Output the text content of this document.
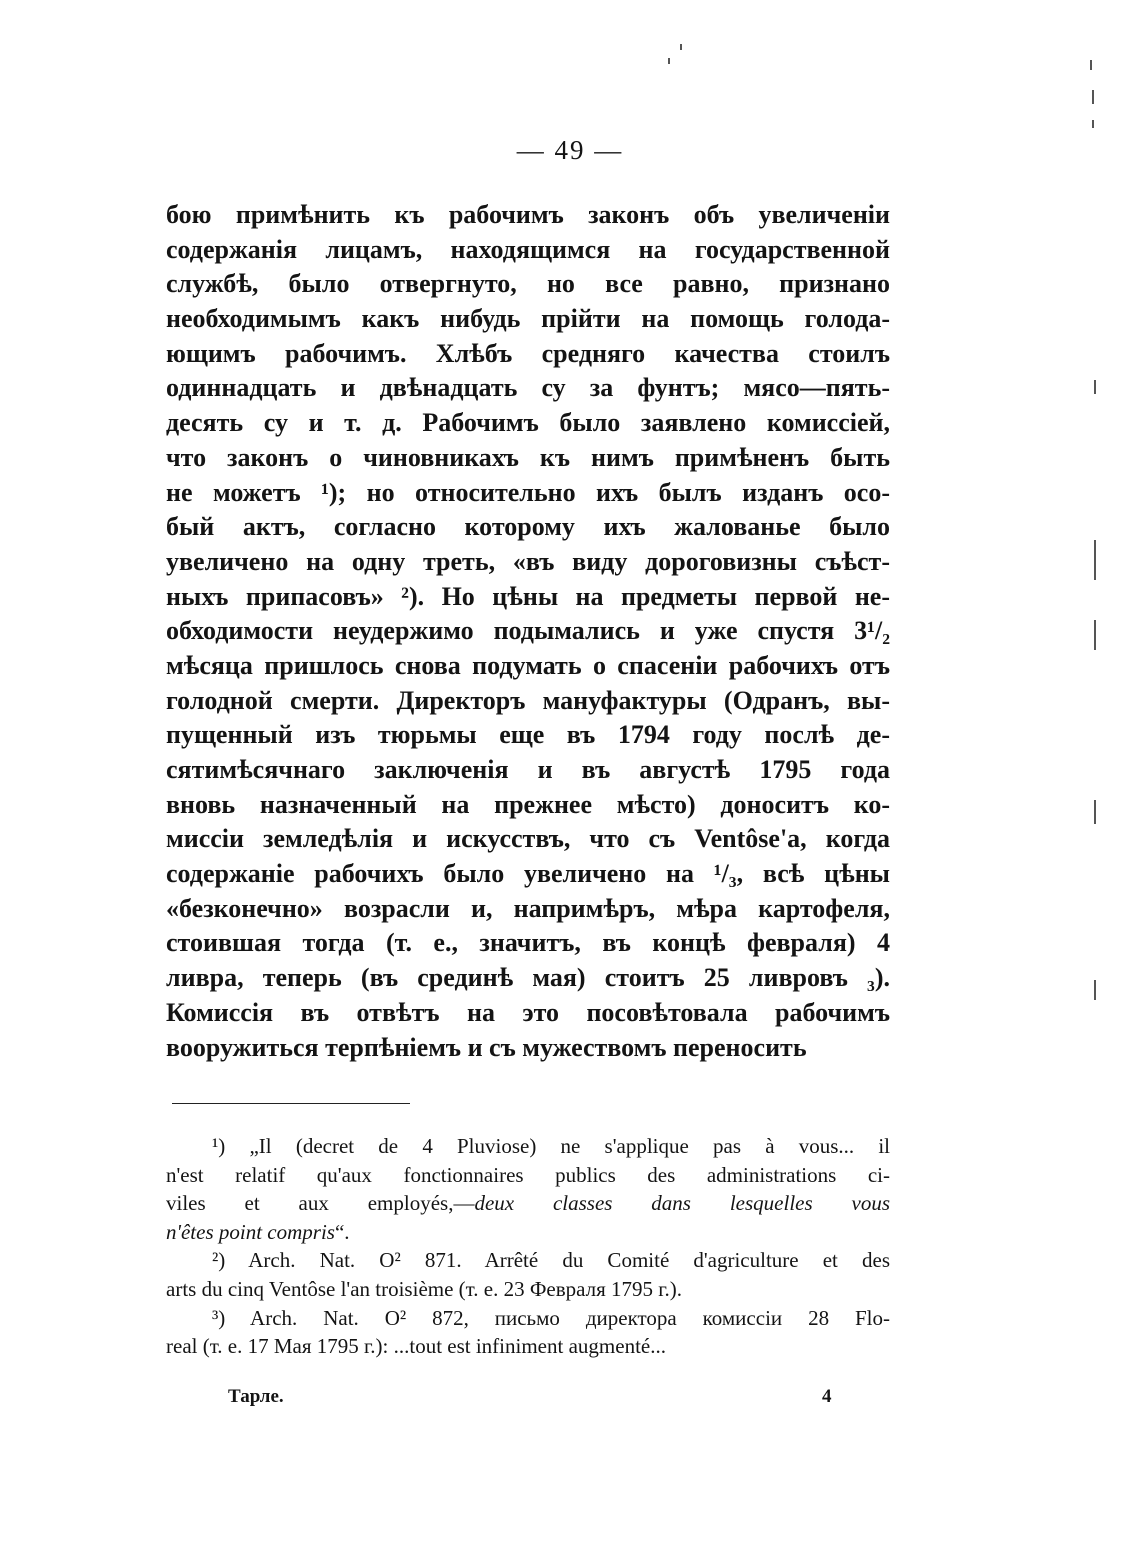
— 49 —
бою примѣнить къ рабочимъ законъ объ увеличеніи
содержанія лицамъ, находящимся на государственной
службѣ, было отвергнуто, но все равно, признано
необходимымъ какъ нибудь прійти на помощь голода-
ющимъ рабочимъ. Хлѣбъ средняго качества стоилъ
одиннадцать и двѣнадцать су за фунтъ; мясо—пять-
десять су и т. д. Рабочимъ было заявлено комиссіей,
что законъ о чиновникахъ къ нимъ примѣненъ быть
не можетъ ¹); но относительно ихъ былъ изданъ осо-
бый актъ, согласно которому ихъ жалованье было
увеличено на одну треть, «въ виду дороговизны съѣст-
ныхъ припасовъ» ²). Но цѣны на предметы первой не-
обходимости неудержимо подымались и уже спустя 3¹/₂
мѣсяца пришлось снова подумать о спасеніи рабочихъ отъ
голодной смерти. Директоръ мануфактуры (Одранъ, вы-
пущенный изъ тюрьмы еще въ 1794 году послѣ де-
сятимѣсячнаго заключенія и въ августѣ 1795 года
вновь назначенный на прежнее мѣсто) доноситъ ко-
миссіи земледѣлія и искусствъ, что съ Ventôse'а, когда
содержаніе рабочихъ было увеличено на ¹/₃, всѣ цѣны
«безконечно» возрасли и, напримѣръ, мѣра картофеля,
стоившая тогда (т. е., значитъ, въ концѣ февраля) 4
ливра, теперь (въ срединѣ мая) стоитъ 25 ливровъ ₃).
Комиссія въ отвѣтъ на это посовѣтовала рабочимъ
вооружиться терпѣніемъ и съ мужествомъ переносить
¹) „Il (decret de 4 Pluviose) ne s'applique pas à vous... il
n'est relatif qu'aux fonctionnaires publics des administrations ci-
viles et aux employés,—deux classes dans lesquelles vous
n'êtes point compris“.
²) Arch. Nat. O² 871. Arrêté du Comité d'agriculture et des
arts du cinq Ventôse l'an troisième (т. е. 23 Февраля 1795 г.).
³) Arch. Nat. O² 872, письмо директора комиссіи 28 Flo-
real (т. е. 17 Мая 1795 г.): ...tout est infiniment augmenté...
Тарле.	4
